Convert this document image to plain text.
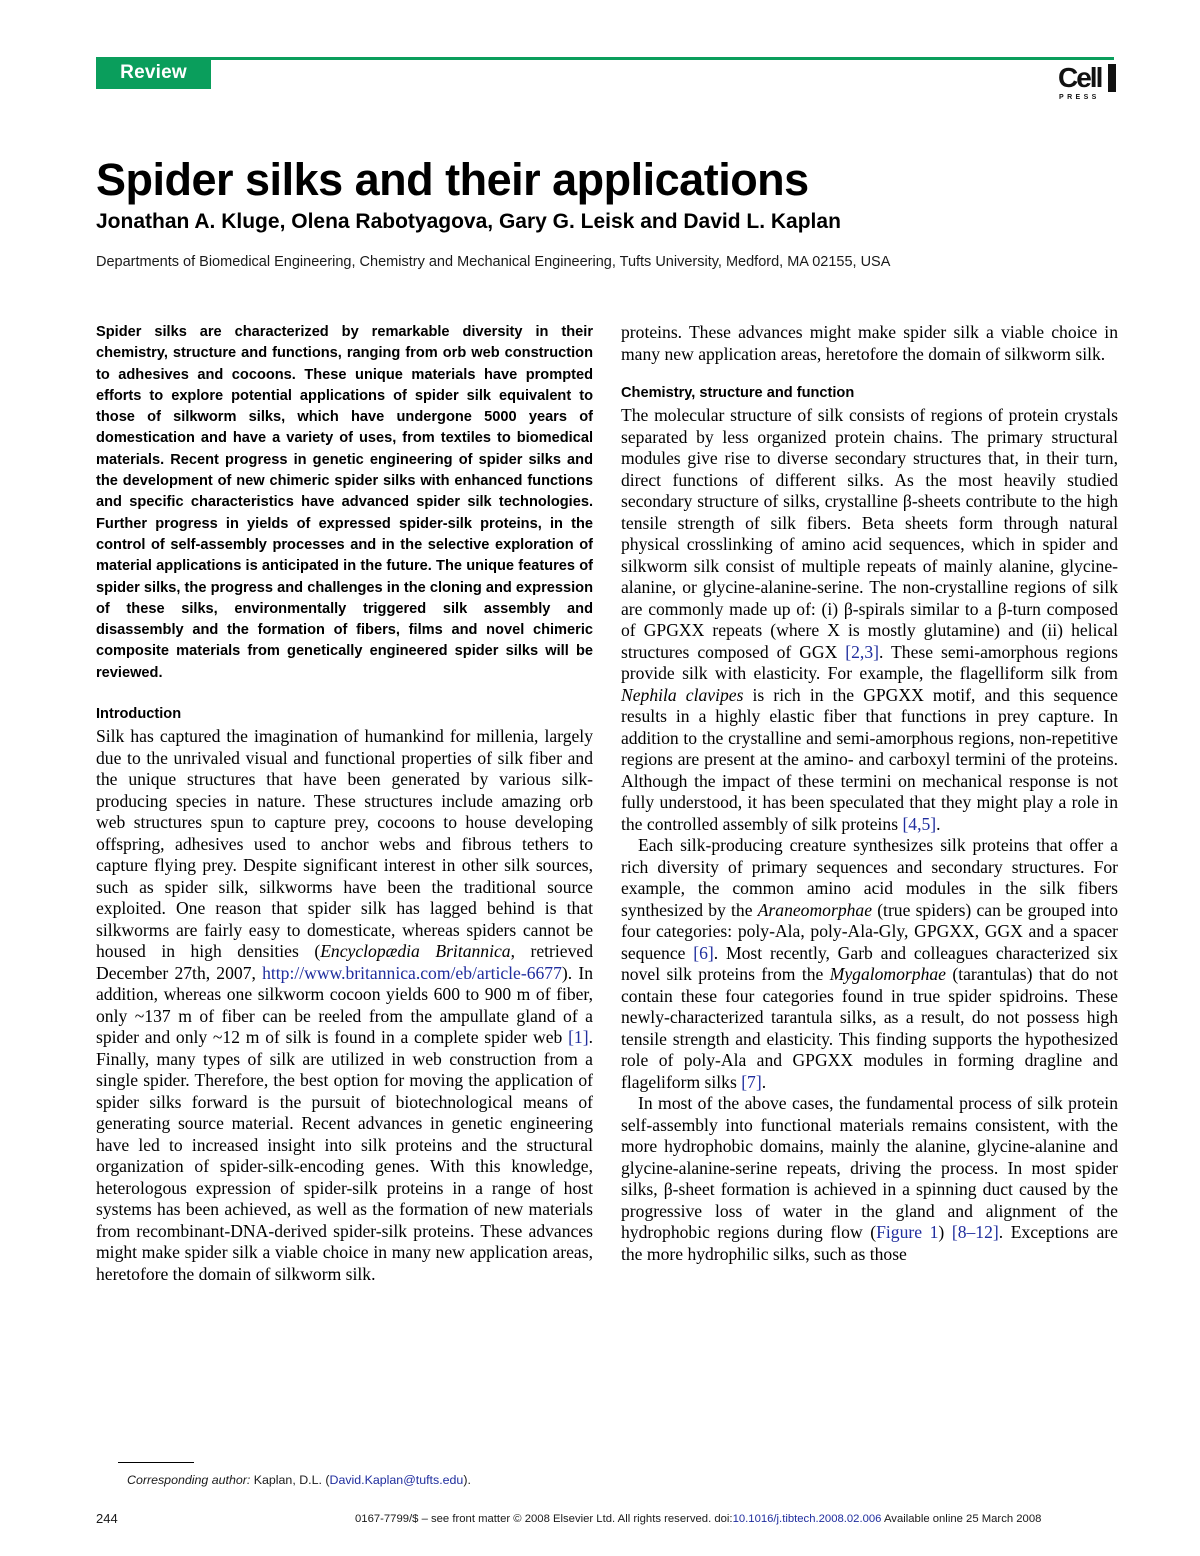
Review	Cell
PRESS
Spider silks and their applications
Jonathan A. Kluge, Olena Rabotyagova, Gary G. Leisk and David L. Kaplan
Departments of Biomedical Engineering, Chemistry and Mechanical Engineering, Tufts University, Medford, MA 02155, USA
Spider silks are characterized by remarkable diversity in their chemistry, structure and functions, ranging from orb web construction to adhesives and cocoons. These unique materials have prompted efforts to explore potential applications of spider silk equivalent to those of silkworm silks, which have undergone 5000 years of domestication and have a variety of uses, from textiles to biomedical materials. Recent progress in genetic engineering of spider silks and the development of new chimeric spider silks with enhanced functions and specific characteristics have advanced spider silk technologies. Further progress in yields of expressed spider-silk proteins, in the control of self-assembly processes and in the selective exploration of material applications is anticipated in the future. The unique features of spider silks, the progress and challenges in the cloning and expression of these silks, environmentally triggered silk assembly and disassembly and the formation of fibers, films and novel chimeric composite materials from genetically engineered spider silks will be reviewed.
Introduction

Silk has captured the imagination of humankind for millenia, largely due to the unrivaled visual and functional properties of silk fiber and the unique structures that have been generated by various silk-producing species in nature. These structures include amazing orb web structures spun to capture prey, cocoons to house developing offspring, adhesives used to anchor webs and fibrous tethers to capture flying prey. Despite significant interest in other silk sources, such as spider silk, silkworms have been the traditional source exploited. One reason that spider silk has lagged behind is that silkworms are fairly easy to domesticate, whereas spiders cannot be housed in high densities (Encyclopædia Britannica, retrieved December 27th, 2007, http://www.britannica.com/eb/article-6677). In addition, whereas one silkworm cocoon yields 600 to 900 m of fiber, only ~137 m of fiber can be reeled from the ampullate gland of a spider and only ~12 m of silk is found in a complete spider web [1]. Finally, many types of silk are utilized in web construction from a single spider. Therefore, the best option for moving the application of spider silks forward is the pursuit of biotechnological means of generating source material. Recent advances in genetic engineering have led to increased insight into silk proteins and the structural organization of spider-silk-encoding genes. With this knowledge, heterologous expression of spider-silk proteins in a range of host systems has been achieved, as well as the formation of new materials from recombinant-DNA-derived spider-silk proteins. These advances might make spider silk a viable choice in many new application areas, heretofore the domain of silkworm silk.

proteins. These advances might make spider silk a viable choice in many new application areas, heretofore the domain of silkworm silk.

Chemistry, structure and function

The molecular structure of silk consists of regions of protein crystals separated by less organized protein chains. The primary structural modules give rise to diverse secondary structures that, in their turn, direct functions of different silks. As the most heavily studied secondary structure of silks, crystalline β-sheets contribute to the high tensile strength of silk fibers. Beta sheets form through natural physical crosslinking of amino acid sequences, which in spider and silkworm silk consist of multiple repeats of mainly alanine, glycine-alanine, or glycine-alanine-serine. The non-crystalline regions of silk are commonly made up of: (i) β-spirals similar to a β-turn composed of GPGXX repeats (where X is mostly glutamine) and (ii) helical structures composed of GGX [2,3]. These semi-amorphous regions provide silk with elasticity. For example, the flagelliform silk from Nephila clavipes is rich in the GPGXX motif, and this sequence results in a highly elastic fiber that functions in prey capture. In addition to the crystalline and semi-amorphous regions, non-repetitive regions are present at the amino- and carboxyl termini of the proteins. Although the impact of these termini on mechanical response is not fully understood, it has been speculated that they might play a role in the controlled assembly of silk proteins [4,5].

Each silk-producing creature synthesizes silk proteins that offer a rich diversity of primary sequences and secondary structures. For example, the common amino acid modules in the silk fibers synthesized by the Araneomorphae (true spiders) can be grouped into four categories: poly-Ala, poly-Ala-Gly, GPGXX, GGX and a spacer sequence [6]. Most recently, Garb and colleagues characterized six novel silk proteins from the Mygalomorphae (tarantulas) that do not contain these four categories found in true spider spidroins. These newly-characterized tarantula silks, as a result, do not possess high tensile strength and elasticity. This finding supports the hypothesized role of poly-Ala and GPGXX modules in forming dragline and flageliform silks [7].

In most of the above cases, the fundamental process of silk protein self-assembly into functional materials remains consistent, with the more hydrophobic domains, mainly the alanine, glycine-alanine and glycine-alanine-serine repeats, driving the process. In most spider silks, β-sheet formation is achieved in a spinning duct caused by the progressive loss of water in the gland and alignment of the hydrophobic regions during flow (Figure 1) [8–12]. Exceptions are the more hydrophilic silks, such as those

Corresponding author: Kaplan, D.L. (David.Kaplan@tufts.edu).
244	0167-7799/$ – see front matter © 2008 Elsevier Ltd. All rights reserved. doi:10.1016/j.tibtech.2008.02.006 Available online 25 March 2008
